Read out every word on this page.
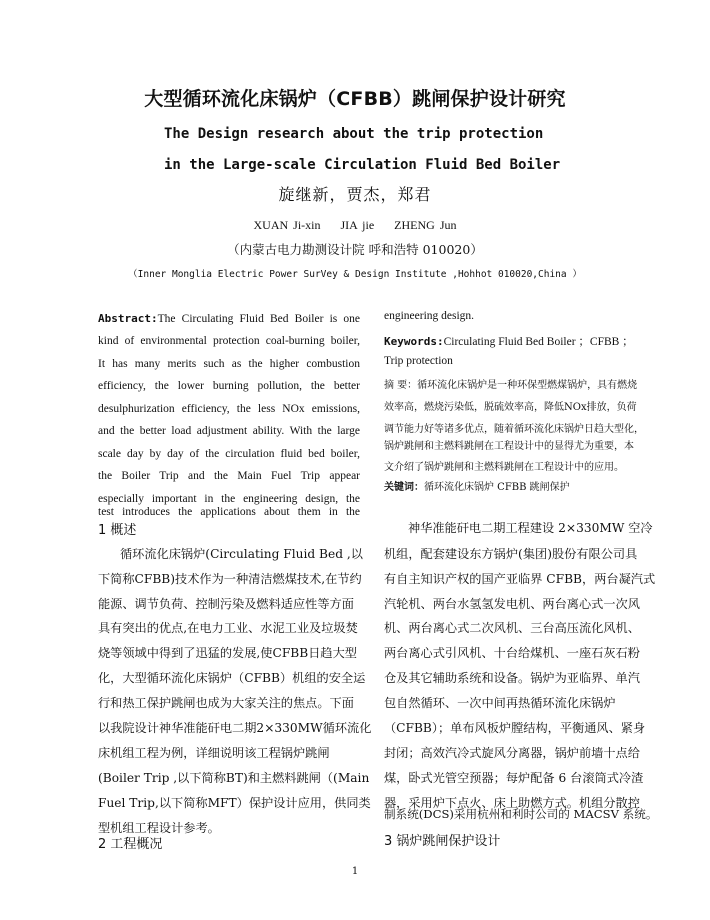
大型循环流化床锅炉（CFBB）跳闸保护设计研究
The Design research about the trip protection
in the Large-scale Circulation Fluid Bed Boiler
旋继新，贾杰，郑君
XUAN Ji-xin    JIA jie    ZHENG Jun
（内蒙古电力勘测设计院 呼和浩特 010020）
（Inner Monglia Electric Power SurVey & Design Institute ,Hohhot 010020,China ）
Abstract:The Circulating Fluid Bed Boiler is one
kind of environmental protection coal-burning boiler,
It has many merits such as the higher combustion
efficiency, the lower burning pollution, the better
desulphurization efficiency, the less NOx emissions,
and the better load adjustment ability. With the large
scale day by day of the circulation fluid bed boiler,
the Boiler Trip and the Main Fuel Trip appear
especially important in the engineering design, the
test introduces the applications about them in the
engineering design.
Keywords:Circulating Fluid Bed Boiler ；CFBB ；
Trip protection
摘 要：循环流化床锅炉是一种环保型燃煤锅炉，具有燃烧
效率高，燃烧污染低，脱硫效率高，降低NOx排放，负荷
调节能力好等诸多优点，随着循环流化床锅炉日趋大型化，
锅炉跳闸和主燃料跳闸在工程设计中的显得尤为重要，本
文介绍了锅炉跳闸和主燃料跳闸在工程设计中的应用。
关键词：循环流化床锅炉 CFBB 跳闸保护
1 概述
循环流化床锅炉(Circulating Fluid Bed ,以
下简称CFBB)技术作为一种清洁燃煤技术,在节约
能源、调节负荷、控制污染及燃料适应性等方面
具有突出的优点,在电力工业、水泥工业及垃圾焚
烧等领域中得到了迅猛的发展,使CFBB日趋大型
化，大型循环流化床锅炉（CFBB）机组的安全运
行和热工保护跳闸也成为大家关注的焦点。下面
以我院设计神华准能矸电二期2×330MW循环流化
床机组工程为例，详细说明该工程锅炉跳闸
(Boiler Trip ,以下简称BT)和主燃料跳闸（(Main
Fuel Trip,以下简称MFT）保护设计应用，供同类
型机组工程设计参考。
2 工程概况
神华准能矸电二期工程建设 2×330MW 空冷
机组，配套建设东方锅炉(集团)股份有限公司具
有自主知识产权的国产亚临界 CFBB，两台凝汽式
汽轮机、两台水氢氢发电机、两台离心式一次风
机、两台离心式二次风机、三台高压流化风机、
两台离心式引风机、十台给煤机、一座石灰石粉
仓及其它辅助系统和设备。锅炉为亚临界、单汽
包自然循环、一次中间再热循环流化床锅炉
（CFBB）；单布风板炉膛结构，平衡通风、紧身
封闭；高效汽冷式旋风分离器，锅炉前墙十点给
煤，卧式光管空预器；每炉配备 6 台滚筒式冷渣
器，采用炉下点火、床上助燃方式。机组分散控
制系统(DCS)采用杭州和利时公司的 MACSV 系统。
3 锅炉跳闸保护设计
1
